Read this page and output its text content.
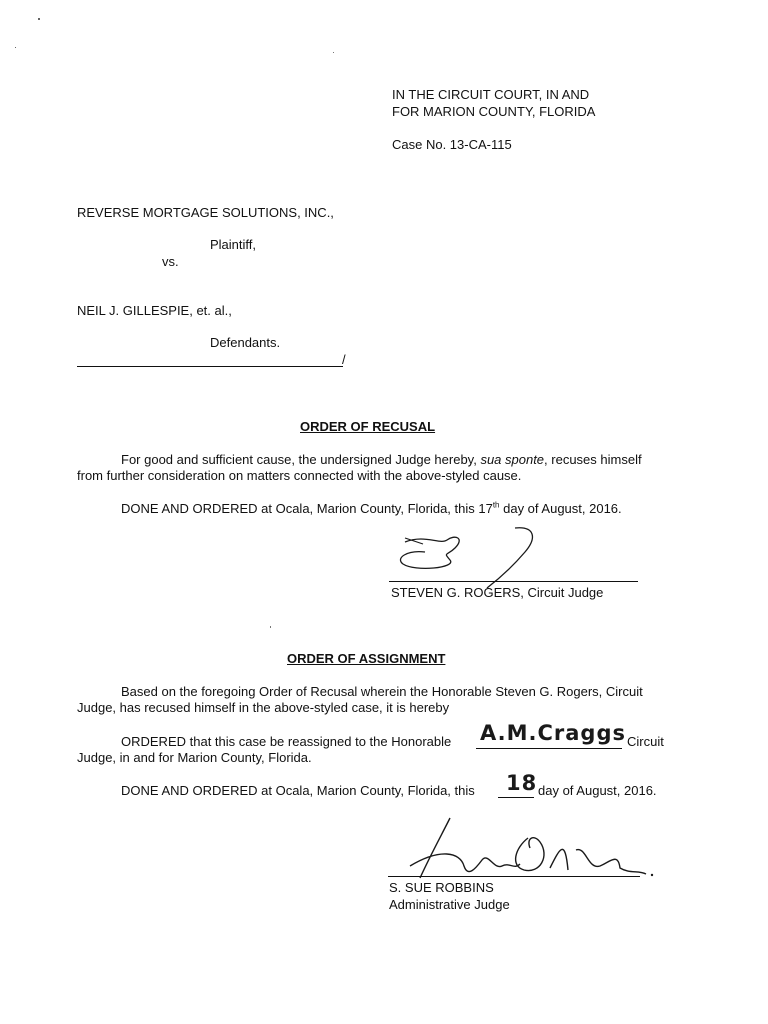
IN THE CIRCUIT COURT, IN AND
FOR MARION COUNTY, FLORIDA
Case No. 13-CA-115
REVERSE MORTGAGE SOLUTIONS, INC.,
Plaintiff,
vs.
NEIL J. GILLESPIE, et. al.,
Defendants.
/
ORDER OF RECUSAL
For good and sufficient cause, the undersigned Judge hereby, sua sponte, recuses himself
from further consideration on matters connected with the above-styled cause.
DONE AND ORDERED at Ocala, Marion County, Florida, this 17th day of August, 2016.
STEVEN G. ROGERS, Circuit Judge
ORDER OF ASSIGNMENT
Based on the foregoing Order of Recusal wherein the Honorable Steven G. Rogers, Circuit
Judge, has recused himself in the above-styled case, it is hereby
ORDERED that this case be reassigned to the Honorable A.M.Craggs Circuit
Judge, in and for Marion County, Florida.
DONE AND ORDERED at Ocala, Marion County, Florida, this 18 day of August, 2016.
S. SUE ROBBINS
Administrative Judge
